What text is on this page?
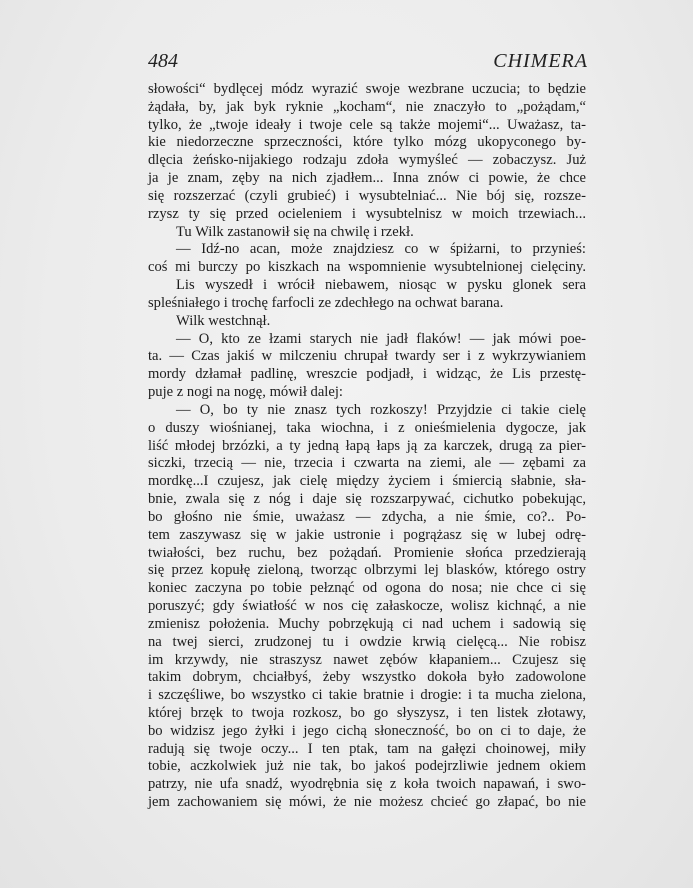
484	CHIMERA
słowości“ bydlęcej módz wyrazić swoje wezbrane uczucia; to będzie
żądała, by, jak byk ryknie „kocham“, nie znaczyło to „pożądam,“
tylko, że „twoje ideały i twoje cele są także mojemi“... Uważasz, ta-
kie niedorzeczne sprzeczności, które tylko mózg ukopyconego by-
dlęcia żeńsko-nijakiego rodzaju zdoła wymyśleć — zobaczysz. Już
ja je znam, zęby na nich zjadłem... Inna znów ci powie, że chce
się rozszerzać (czyli grubieć) i wysubtelniać... Nie bój się, rozsze-
rzysz ty się przed ocieleniem i wysubtelnisz w moich trzewiach...
Tu Wilk zastanowił się na chwilę i rzekł.
— Idź-no acan, może znajdziesz co w śpiżarni, to przynieś:
coś mi burczy po kiszkach na wspomnienie wysubtelnionej cielęciny.
Lis wyszedł i wrócił niebawem, niosąc w pysku glonek sera
spleśniałego i trochę farfocli ze zdechłego na ochwat barana.
Wilk westchnął.
— O, kto ze łzami starych nie jadł flaków! — jak mówi poe-
ta. — Czas jakiś w milczeniu chrupał twardy ser i z wykrzywianiem
mordy dzłamał padlinę, wreszcie podjadł, i widząc, że Lis przestę-
puje z nogi na nogę, mówił dalej:
— O, bo ty nie znasz tych rozkoszy! Przyjdzie ci takie cielę
o duszy wiośnianej, taka wiochna, i z onieśmielenia dygocze, jak
liść młodej brzózki, a ty jedną łapą łaps ją za karczek, drugą za pier-
siczki, trzecią — nie, trzecia i czwarta na ziemi, ale — zębami za
mordkę...I czujesz, jak cielę między życiem i śmiercią słabnie, sła-
bnie, zwala się z nóg i daje się rozszarpywać, cichutko pobekując,
bo głośno nie śmie, uważasz — zdycha, a nie śmie, co?.. Po-
tem zaszywasz się w jakie ustronie i pogrążasz się w lubej odrę-
twiałości, bez ruchu, bez pożądań. Promienie słońca przedzierają
się przez kopułę zieloną, tworząc olbrzymi lej blasków, którego ostry
koniec zaczyna po tobie pełznąć od ogona do nosa; nie chce ci się
poruszyć; gdy światłość w nos cię załaskocze, wolisz kichnąć, a nie
zmienisz położenia. Muchy pobrzękują ci nad uchem i sadowią się
na twej sierci, zrudzonej tu i owdzie krwią cielęcą... Nie robisz
im krzywdy, nie straszysz nawet zębów kłapaniem... Czujesz się
takim dobrym, chciałbyś, żeby wszystko dokoła było zadowolone
i szczęśliwe, bo wszystko ci takie bratnie i drogie: i ta mucha zielona,
której brzęk to twoja rozkosz, bo go słyszysz, i ten listek złotawy,
bo widzisz jego żyłki i jego cichą słoneczność, bo on ci to daje, że
radują się twoje oczy... I ten ptak, tam na gałęzi choinowej, miły
tobie, aczkolwiek już nie tak, bo jakoś podejrzliwie jednem okiem
patrzy, nie ufa snadź, wyodrębnia się z koła twoich napawań, i swo-
jem zachowaniem się mówi, że nie możesz chcieć go złapać, bo nie
